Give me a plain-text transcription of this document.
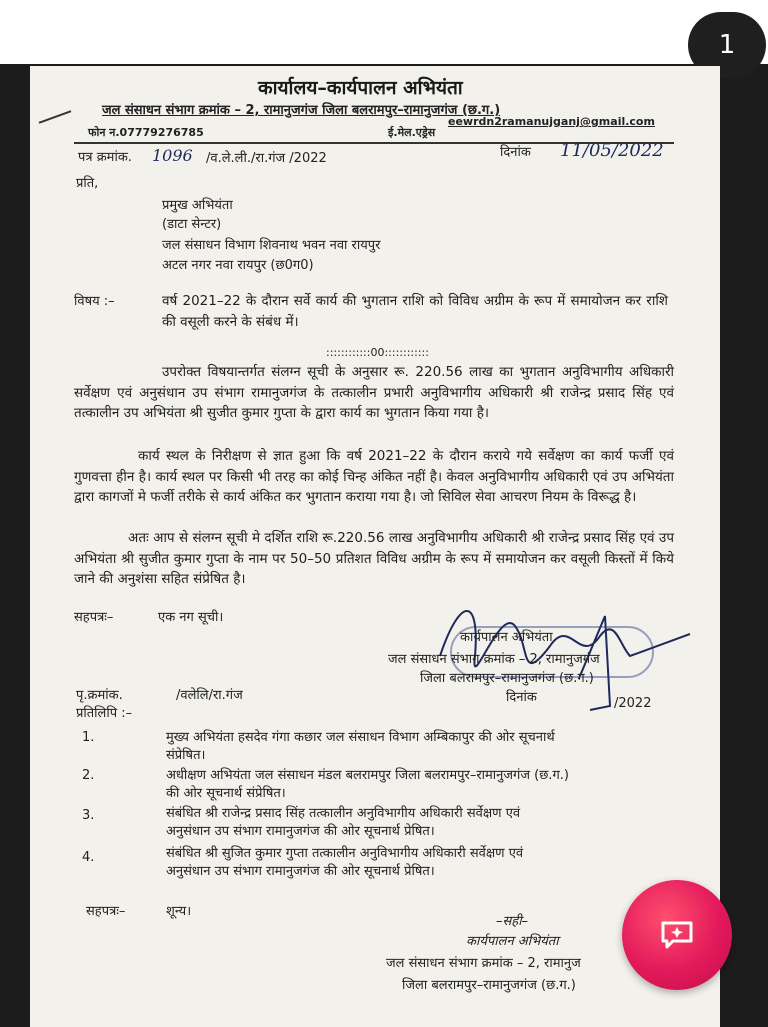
1
कार्यालय–कार्यपालन अभियंता
जल संसाधन संभाग क्रमांक – 2, रामानुजगंज जिला बलरामपुर–रामानुजगंज (छ.ग.)
फोन न.07779276785	ई.मेल.एड्रेस
eewrdn2ramanujganj@gmail.com
पत्र क्रमांक. 1096 /व.ले.ली./रा.गंज /2022	दिनांक 11/05/2022
प्रति,
प्रमुख अभियंता
(डाटा सेन्टर)
जल संसाधन विभाग शिवनाथ भवन नवा रायपुर
अटल नगर नवा रायपुर (छ0ग0)
विषय :–	वर्ष 2021–22 के दौरान सर्वे कार्य की भुगतान राशि को विविध अग्रीम के रूप में समायोजन कर राशि की वसूली करने के संबंध में।
::::::::::::00::::::::::::
उपरोक्त विषयान्तर्गत संलग्न सूची के अनुसार रू. 220.56 लाख का भुगतान अनुविभागीय अधिकारी सर्वेक्षण एवं अनुसंधान उप संभाग रामानुजगंज के तत्कालीन प्रभारी अनुविभागीय अधिकारी श्री राजेन्द्र प्रसाद सिंह एवं तत्कालीन उप अभियंता श्री सुजीत कुमार गुप्ता के द्वारा कार्य का भुगतान किया गया है।
कार्य स्थल के निरीक्षण से ज्ञात हुआ कि वर्ष 2021–22 के दौरान कराये गये सर्वेक्षण का कार्य फर्जी एवं गुणवत्ता हीन है। कार्य स्थल पर किसी भी तरह का कोई चिन्ह अंकित नहीं है। केवल अनुविभागीय अधिकारी एवं उप अभियंता द्वारा कागजों मे फर्जी तरीके से कार्य अंकित कर भुगतान कराया गया है। जो सिविल सेवा आचरण नियम के विरूद्ध है।
अतः आप से संलग्न सूची मे दर्शित राशि रू.220.56 लाख अनुविभागीय अधिकारी श्री राजेन्द्र प्रसाद सिंह एवं उप अभियंता श्री सुजीत कुमार गुप्ता के नाम पर 50–50 प्रतिशत विविध अग्रीम के रूप में समायोजन कर वसूली किस्तों में किये जाने की अनुशंसा सहित संप्रेषित है।
सहपत्रः–	एक नग सूची।
कार्यपालन अभियंता
जल संसाधन संभाग क्रमांक – 2, रामानुजगंज
जिला बलरामपुर–रामानुजगंज (छ.ग.)
दिनांक	/2022
पृ.क्रमांक.	/वलेलि/रा.गंज
प्रतिलिपि :–
1.	मुख्य अभियंता हसदेव गंगा कछार जल संसाधन विभाग अम्बिकापुर की ओर सूचनार्थ
संप्रेषित।
2.	अधीक्षण अभियंता जल संसाधन मंडल बलरामपुर जिला बलरामपुर–रामानुजगंज (छ.ग.)
की ओर सूचनार्थ संप्रेषित।
3.	संबंधित श्री राजेन्द्र प्रसाद सिंह तत्कालीन अनुविभागीय अधिकारी सर्वेक्षण एवं
अनुसंधान उप संभाग रामानुजगंज की ओर सूचनार्थ प्रेषित।
4.	संबंधित श्री सुजित कुमार गुप्ता तत्कालीन अनुविभागीय अधिकारी सर्वेक्षण एवं
अनुसंधान उप संभाग रामानुजगंज की ओर सूचनार्थ प्रेषित।
सहपत्रः–	शून्य।
–सही–
कार्यपालन अभियंता
जल संसाधन संभाग क्रमांक – 2, रामानुज
जिला बलरामपुर–रामानुजगंज (छ.ग.)
